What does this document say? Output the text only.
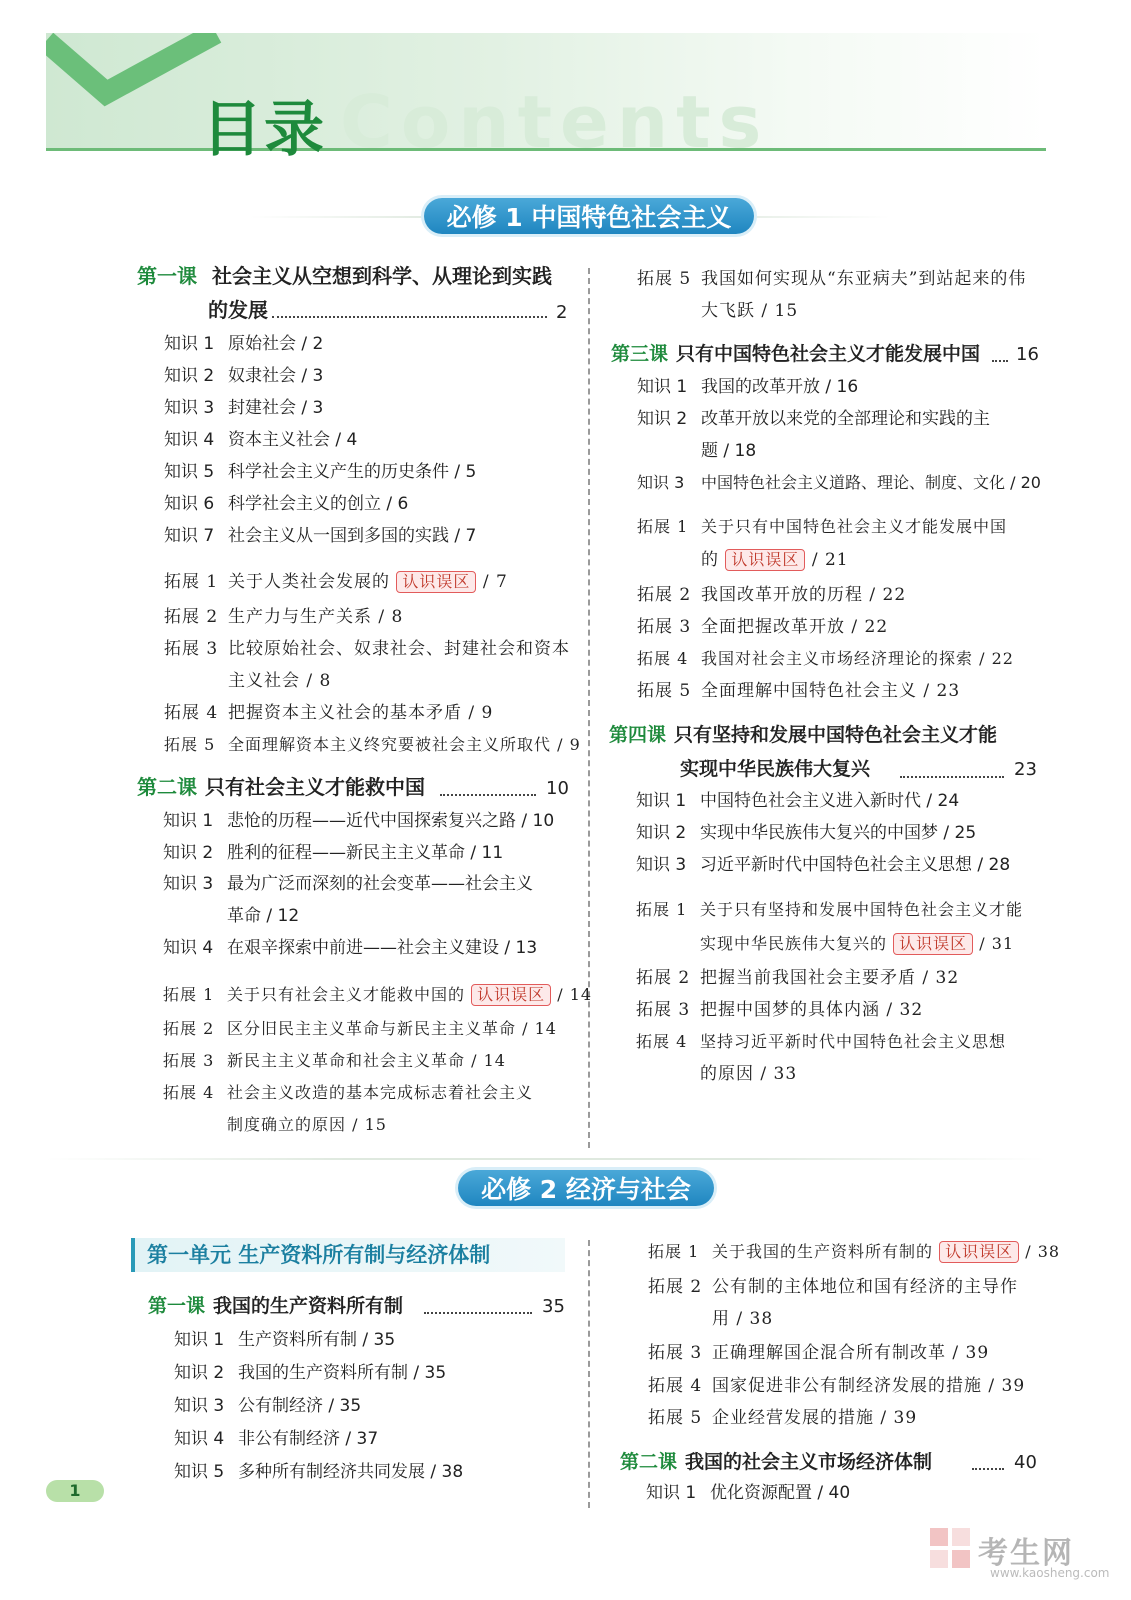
Contents
目录
必修 1 中国特色社会主义
第一课 社会主义从空想到科学、从理论到实践
的发展	2
知识 1 原始社会 / 2
知识 2 奴隶社会 / 3
知识 3 封建社会 / 3
知识 4 资本主义社会 / 4
知识 5 科学社会主义产生的历史条件 / 5
知识 6 科学社会主义的创立 / 6
知识 7 社会主义从一国到多国的实践 / 7
拓展 1 关于人类社会发展的 认识误区 / 7
拓展 2 生产力与生产关系 / 8
拓展 3 比较原始社会、奴隶社会、封建社会和资本
主义社会 / 8
拓展 4 把握资本主义社会的基本矛盾 / 9
拓展 5 全面理解资本主义终究要被社会主义所取代 / 9
第二课 只有社会主义才能救中国	10
知识 1 悲怆的历程——近代中国探索复兴之路 / 10
知识 2 胜利的征程——新民主主义革命 / 11
知识 3 最为广泛而深刻的社会变革——社会主义
革命 / 12
知识 4 在艰辛探索中前进——社会主义建设 / 13
拓展 1 关于只有社会主义才能救中国的 认识误区 / 14
拓展 2 区分旧民主主义革命与新民主主义革命 / 14
拓展 3 新民主主义革命和社会主义革命 / 14
拓展 4 社会主义改造的基本完成标志着社会主义
制度确立的原因 / 15
拓展 5 我国如何实现从“东亚病夫”到站起来的伟
大飞跃 / 15
第三课 只有中国特色社会主义才能发展中国 16
知识 1 我国的改革开放 / 16
知识 2 改革开放以来党的全部理论和实践的主
题 / 18
知识 3 中国特色社会主义道路、理论、制度、文化 / 20
拓展 1 关于只有中国特色社会主义才能发展中国
的 认识误区 / 21
拓展 2 我国改革开放的历程 / 22
拓展 3 全面把握改革开放 / 22
拓展 4 我国对社会主义市场经济理论的探索 / 22
拓展 5 全面理解中国特色社会主义 / 23
第四课 只有坚持和发展中国特色社会主义才能
实现中华民族伟大复兴	23
知识 1 中国特色社会主义进入新时代 / 24
知识 2 实现中华民族伟大复兴的中国梦 / 25
知识 3 习近平新时代中国特色社会主义思想 / 28
拓展 1 关于只有坚持和发展中国特色社会主义才能
实现中华民族伟大复兴的 认识误区 / 31
拓展 2 把握当前我国社会主要矛盾 / 32
拓展 3 把握中国梦的具体内涵 / 32
拓展 4 坚持习近平新时代中国特色社会主义思想
的原因 / 33
必修 2 经济与社会
第一单元 生产资料所有制与经济体制
第一课 我国的生产资料所有制	35
知识 1 生产资料所有制 / 35
知识 2 我国的生产资料所有制 / 35
知识 3 公有制经济 / 35
知识 4 非公有制经济 / 37
知识 5 多种所有制经济共同发展 / 38
拓展 1 关于我国的生产资料所有制的 认识误区 / 38
拓展 2 公有制的主体地位和国有经济的主导作
用 / 38
拓展 3 正确理解国企混合所有制改革 / 39
拓展 4 国家促进非公有制经济发展的措施 / 39
拓展 5 企业经营发展的措施 / 39
第二课 我国的社会主义市场经济体制	40
知识 1 优化资源配置 / 40
1
考生网
www.kaosheng.com
